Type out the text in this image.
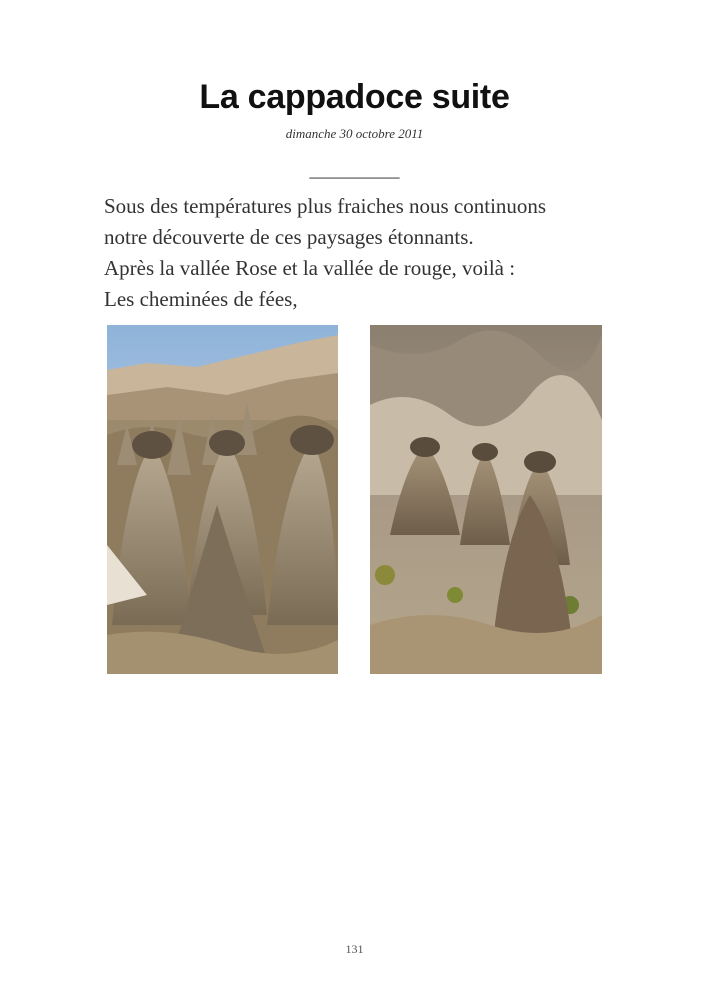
La cappadoce suite
dimanche 30 octobre 2011
__________
Sous des températures plus fraiches nous continuons
notre découverte de ces paysages étonnants.
Après la vallée Rose et la vallée de rouge, voilà :
Les cheminées de fées,
131
